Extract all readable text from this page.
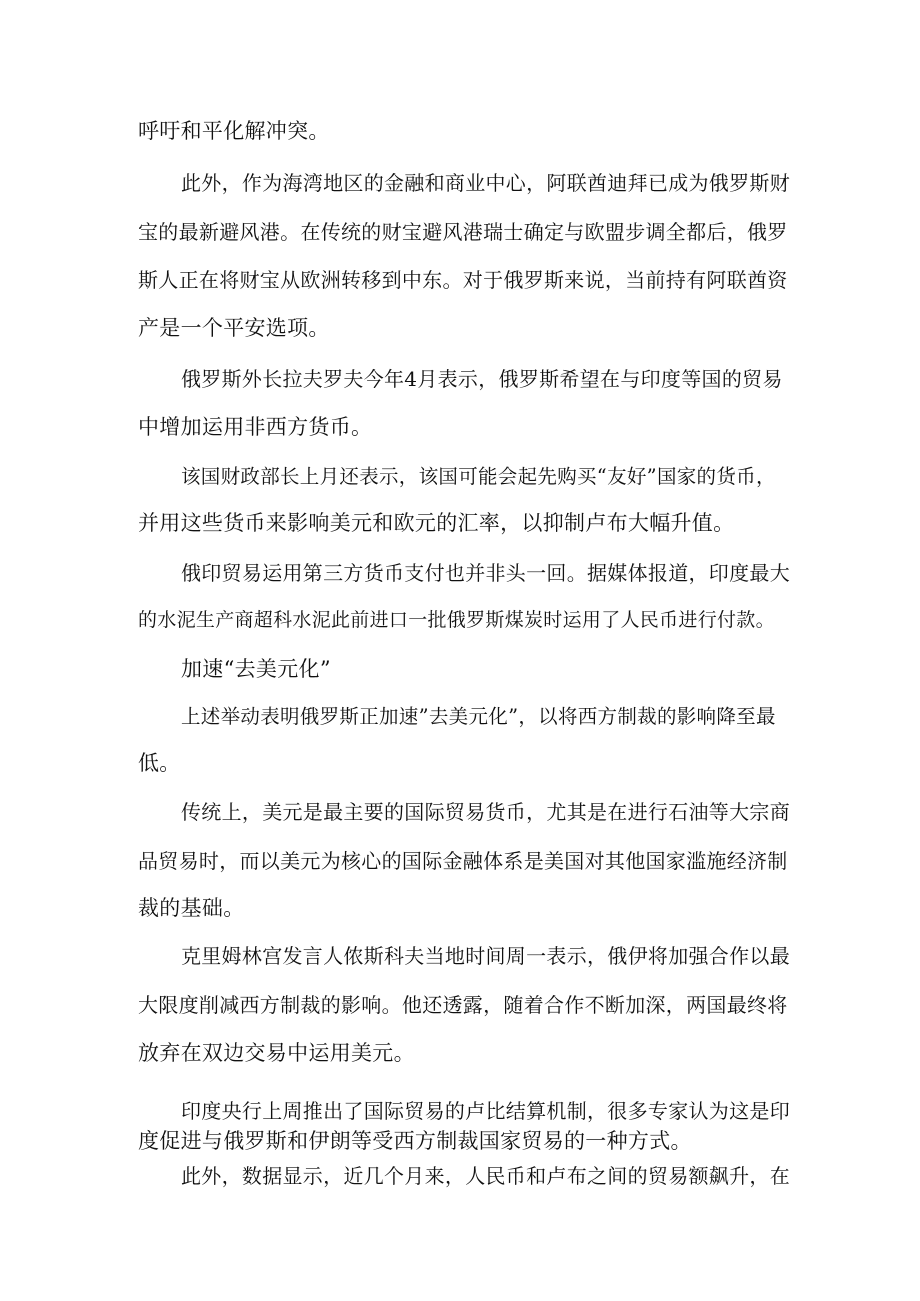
呼吁和平化解冲突。
此外，作为海湾地区的金融和商业中心，阿联酋迪拜已成为俄罗斯财
宝的最新避风港。在传统的财宝避风港瑞士确定与欧盟步调全都后，俄罗
斯人正在将财宝从欧洲转移到中东。对于俄罗斯来说，当前持有阿联酋资
产是一个平安选项。
俄罗斯外长拉夫罗夫今年4月表示，俄罗斯希望在与印度等国的贸易
中增加运用非西方货币。
该国财政部长上月还表示，该国可能会起先购买“友好”国家的货币，
并用这些货币来影响美元和欧元的汇率，以抑制卢布大幅升值。
俄印贸易运用第三方货币支付也并非头一回。据媒体报道，印度最大
的水泥生产商超科水泥此前进口一批俄罗斯煤炭时运用了人民币进行付款。
加速“去美元化”
上述举动表明俄罗斯正加速”去美元化”，以将西方制裁的影响降至最
低。
传统上，美元是最主要的国际贸易货币，尤其是在进行石油等大宗商
品贸易时，而以美元为核心的国际金融体系是美国对其他国家滥施经济制
裁的基础。
克里姆林宫发言人侬斯科夫当地时间周一表示，俄伊将加强合作以最
大限度削减西方制裁的影响。他还透露，随着合作不断加深，两国最终将
放弃在双边交易中运用美元。
印度央行上周推出了国际贸易的卢比结算机制，很多专家认为这是印
度促进与俄罗斯和伊朗等受西方制裁国家贸易的一种方式。
此外，数据显示，近几个月来，人民币和卢布之间的贸易额飙升，在
